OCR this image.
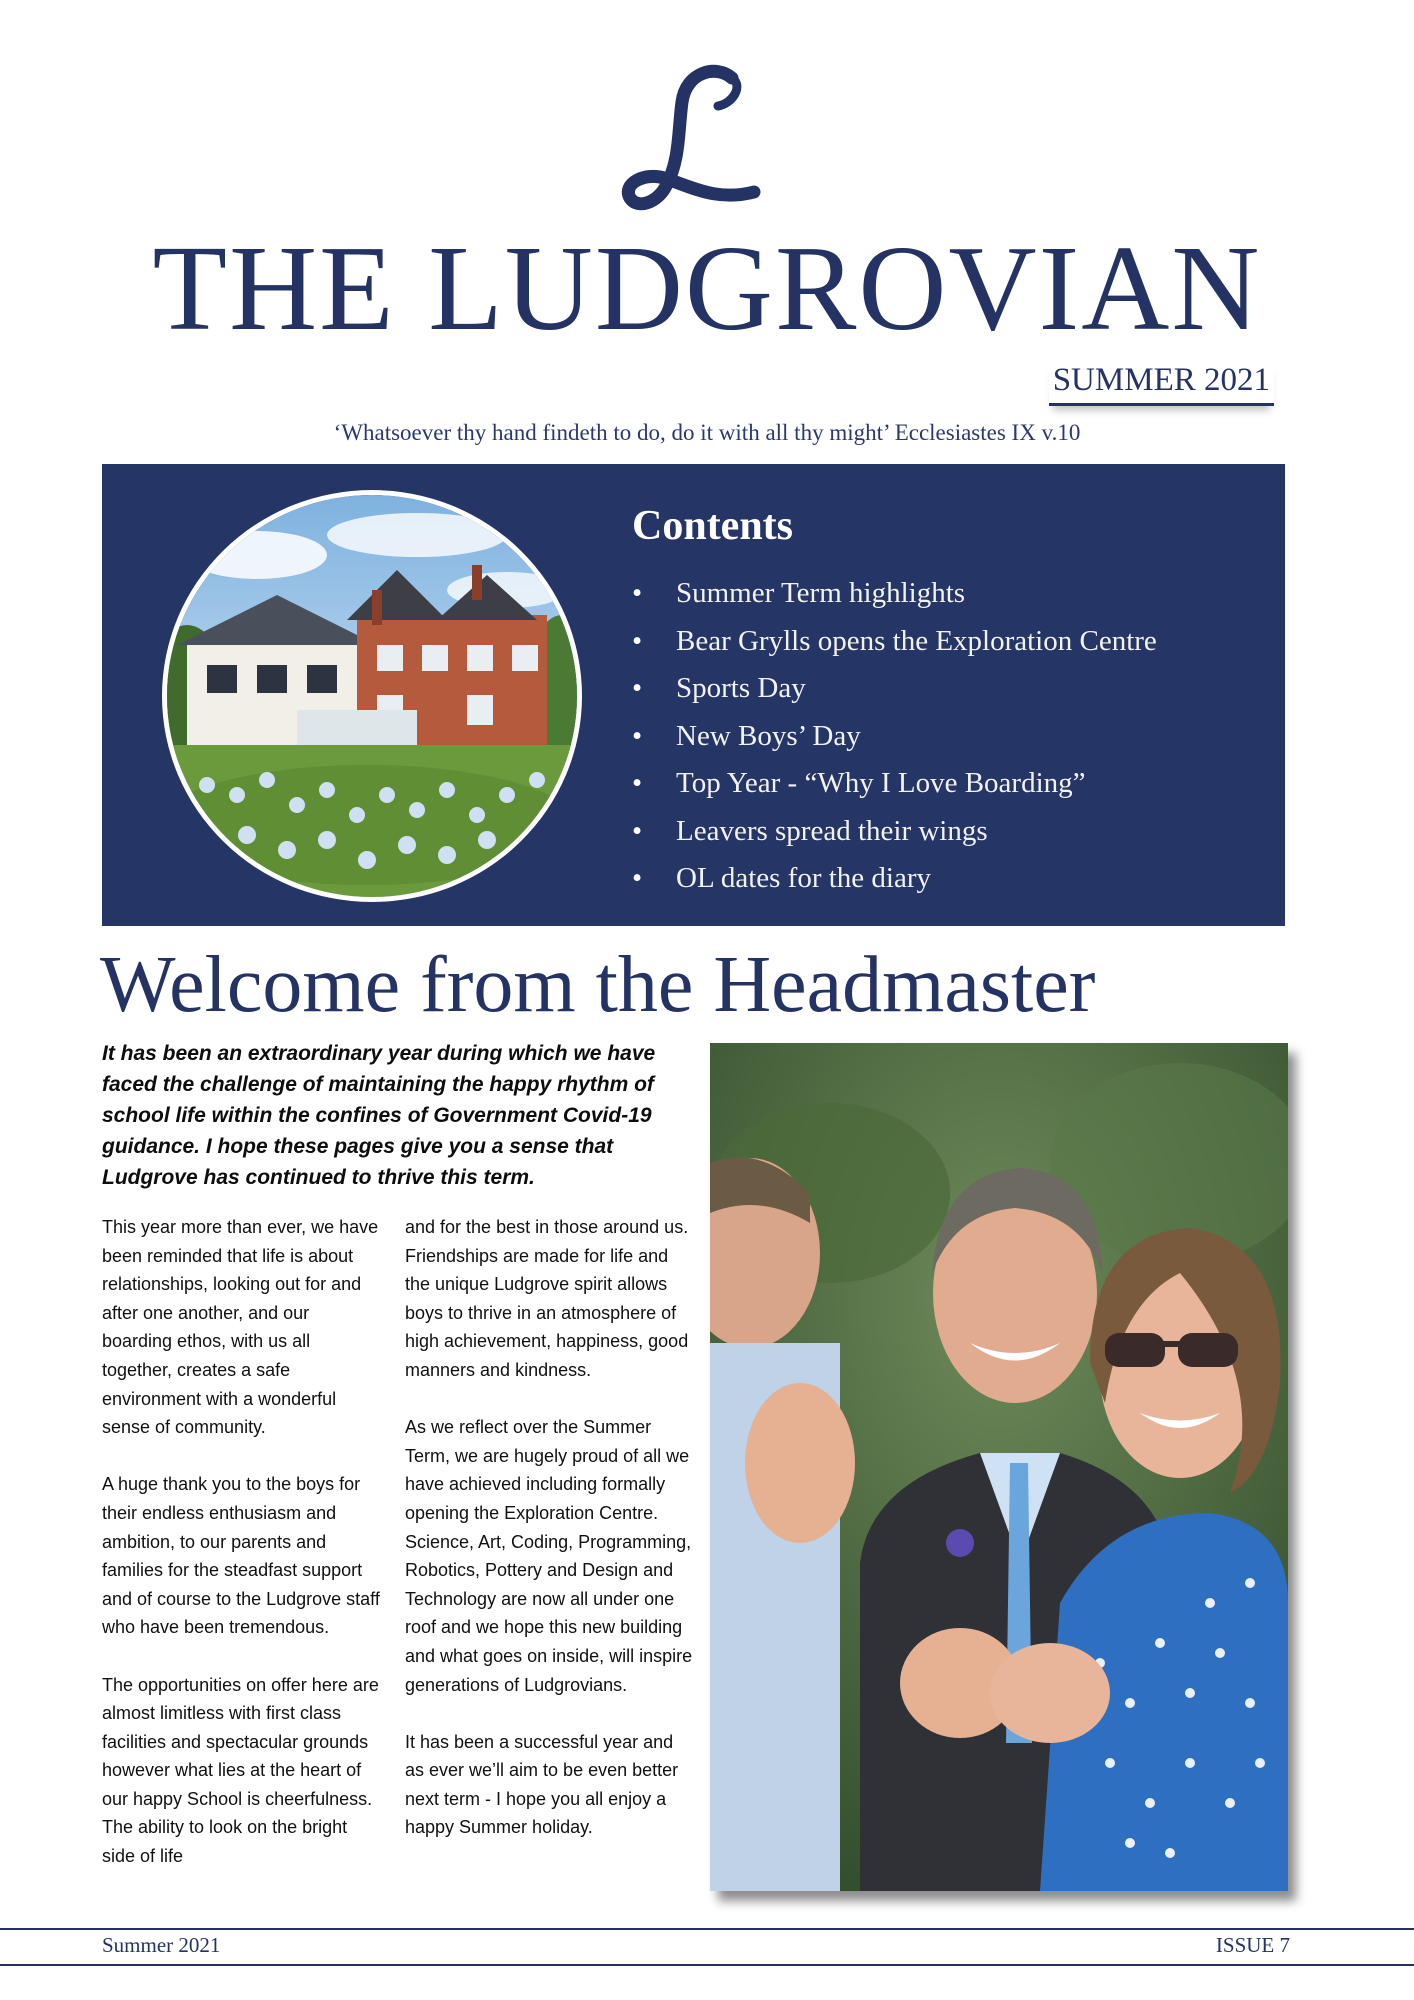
THE LUDGROVIAN
SUMMER 2021
‘Whatsoever thy hand findeth to do, do it with all thy might’ Ecclesiastes IX v.10
Contents
• Summer Term highlights
• Bear Grylls opens the Exploration Centre
• Sports Day
• New Boys’ Day
• Top Year - “Why I Love Boarding”
• Leavers spread their wings
• OL dates for the diary
Welcome from the Headmaster
It has been an extraordinary year during which we have faced the challenge of maintaining the happy rhythm of school life within the confines of Government Covid-19 guidance. I hope these pages give you a sense that Ludgrove has continued to thrive this term.

This year more than ever, we have been reminded that life is about relationships, looking out for and after one another, and our boarding ethos, with us all together, creates a safe environment with a wonderful sense of community.

A huge thank you to the boys for their endless enthusiasm and ambition, to our parents and families for the steadfast support and of course to the Ludgrove staff who have been tremendous.

The opportunities on offer here are almost limitless with first class facilities and spectacular grounds however what lies at the heart of our happy School is cheerfulness. The ability to look on the bright side of life

and for the best in those around us. Friendships are made for life and the unique Ludgrove spirit allows boys to thrive in an atmosphere of high achievement, happiness, good manners and kindness.

As we reflect over the Summer Term, we are hugely proud of all we have achieved including formally opening the Exploration Centre. Science, Art, Coding, Programming, Robotics, Pottery and Design and Technology are now all under one roof and we hope this new building and what goes on inside, will inspire generations of Ludgrovians.

It has been a successful year and as ever we’ll aim to be even better next term - I hope you all enjoy a happy Summer holiday.

Summer 2021	ISSUE 7
